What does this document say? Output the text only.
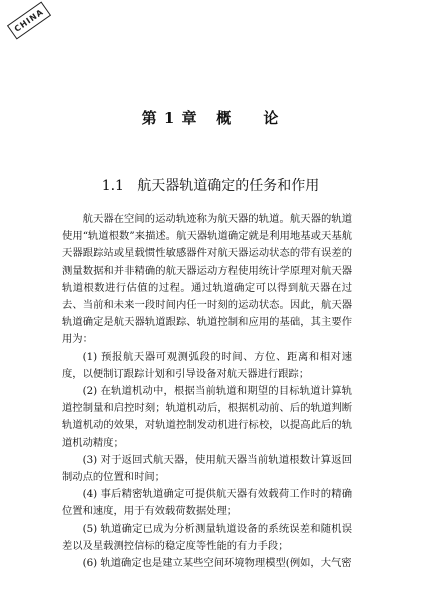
CHINA
第 1 章   概     论
1.1   航天器轨道确定的任务和作用

航天器在空间的运动轨迹称为航天器的轨道。航天器的轨道使用“轨道根数”来描述。航天器轨道确定就是利用地基或天基航天器跟踪站或星载惯性敏感器件对航天器运动状态的带有误差的测量数据和并非精确的航天器运动方程使用统计学原理对航天器轨道根数进行估值的过程。通过轨道确定可以得到航天器在过去、当前和未来一段时间内任一时刻的运动状态。因此，航天器轨道确定是航天器轨道跟踪、轨道控制和应用的基础，其主要作用为：

(1) 预报航天器可观测弧段的时间、方位、距离和相对速度，以便制订跟踪计划和引导设备对航天器进行跟踪；

(2) 在轨道机动中，根据当前轨道和期望的目标轨道计算轨道控制量和启控时刻；轨道机动后，根据机动前、后的轨道判断轨道机动的效果，对轨道控制发动机进行标校，以提高此后的轨道机动精度；

(3) 对于返回式航天器，使用航天器当前轨道根数计算返回制动点的位置和时间；

(4) 事后精密轨道确定可提供航天器有效载荷工作时的精确位置和速度，用于有效载荷数据处理；

(5) 轨道确定已成为分析测量轨道设备的系统误差和随机误差以及星载测控信标的稳定度等性能的有力手段；

(6) 轨道确定也是建立某些空间环境物理模型(例如，大气密
